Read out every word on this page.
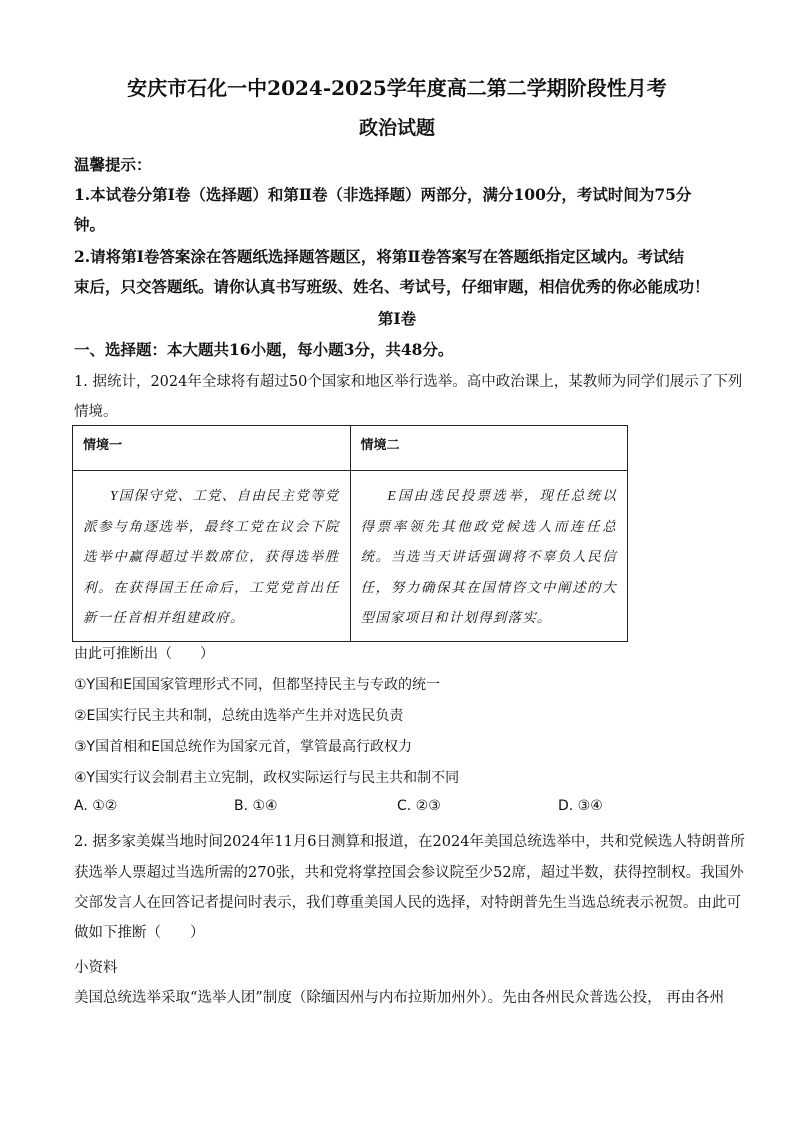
安庆市石化一中2024-2025学年度高二第二学期阶段性月考
政治试题
温馨提示：
1.本试卷分第Ⅰ卷（选择题）和第Ⅱ卷（非选择题）两部分，满分100分，考试时间为75分
钟。
2.请将第Ⅰ卷答案涂在答题纸选择题答题区，将第Ⅱ卷答案写在答题纸指定区域内。考试结
束后，只交答题纸。请你认真书写班级、姓名、考试号，仔细审题，相信优秀的你必能成功！
第Ⅰ卷
一、选择题：本大题共16小题，每小题3分，共48分。
1. 据统计，2024年全球将有超过50个国家和地区举行选举。高中政治课上，某教师为同学们展示了下列
情境。
情境一	情境二
Y国保守党、工党、自由民主党等党派参与角逐选举，最终工党在议会下院选举中赢得超过半数席位，获得选举胜利。在获得国王任命后，工党党首出任新一任首相并组建政府。	E国由选民投票选举，现任总统以得票率领先其他政党候选人而连任总统。当选当天讲话强调将不辜负人民信任，努力确保其在国情咨文中阐述的大型国家项目和计划得到落实。
由此可推断出（　　）
①Y国和E国国家管理形式不同，但都坚持民主与专政的统一
②E国实行民主共和制，总统由选举产生并对选民负责
③Y国首相和E国总统作为国家元首，掌管最高行政权力
④Y国实行议会制君主立宪制，政权实际运行与民主共和制不同
A. ①②	B. ①④	C. ②③	D. ③④
2. 据多家美媒当地时间2024年11月6日测算和报道，在2024年美国总统选举中，共和党候选人特朗普所
获选举人票超过当选所需的270张，共和党将掌控国会参议院至少52席，超过半数，获得控制权。我国外
交部发言人在回答记者提问时表示，我们尊重美国人民的选择，对特朗普先生当选总统表示祝贺。由此可
做如下推断（　　）
小资料
美国总统选举采取“选举人团”制度（除缅因州与内布拉斯加州外）。先由各州民众普选公投， 再由各州
